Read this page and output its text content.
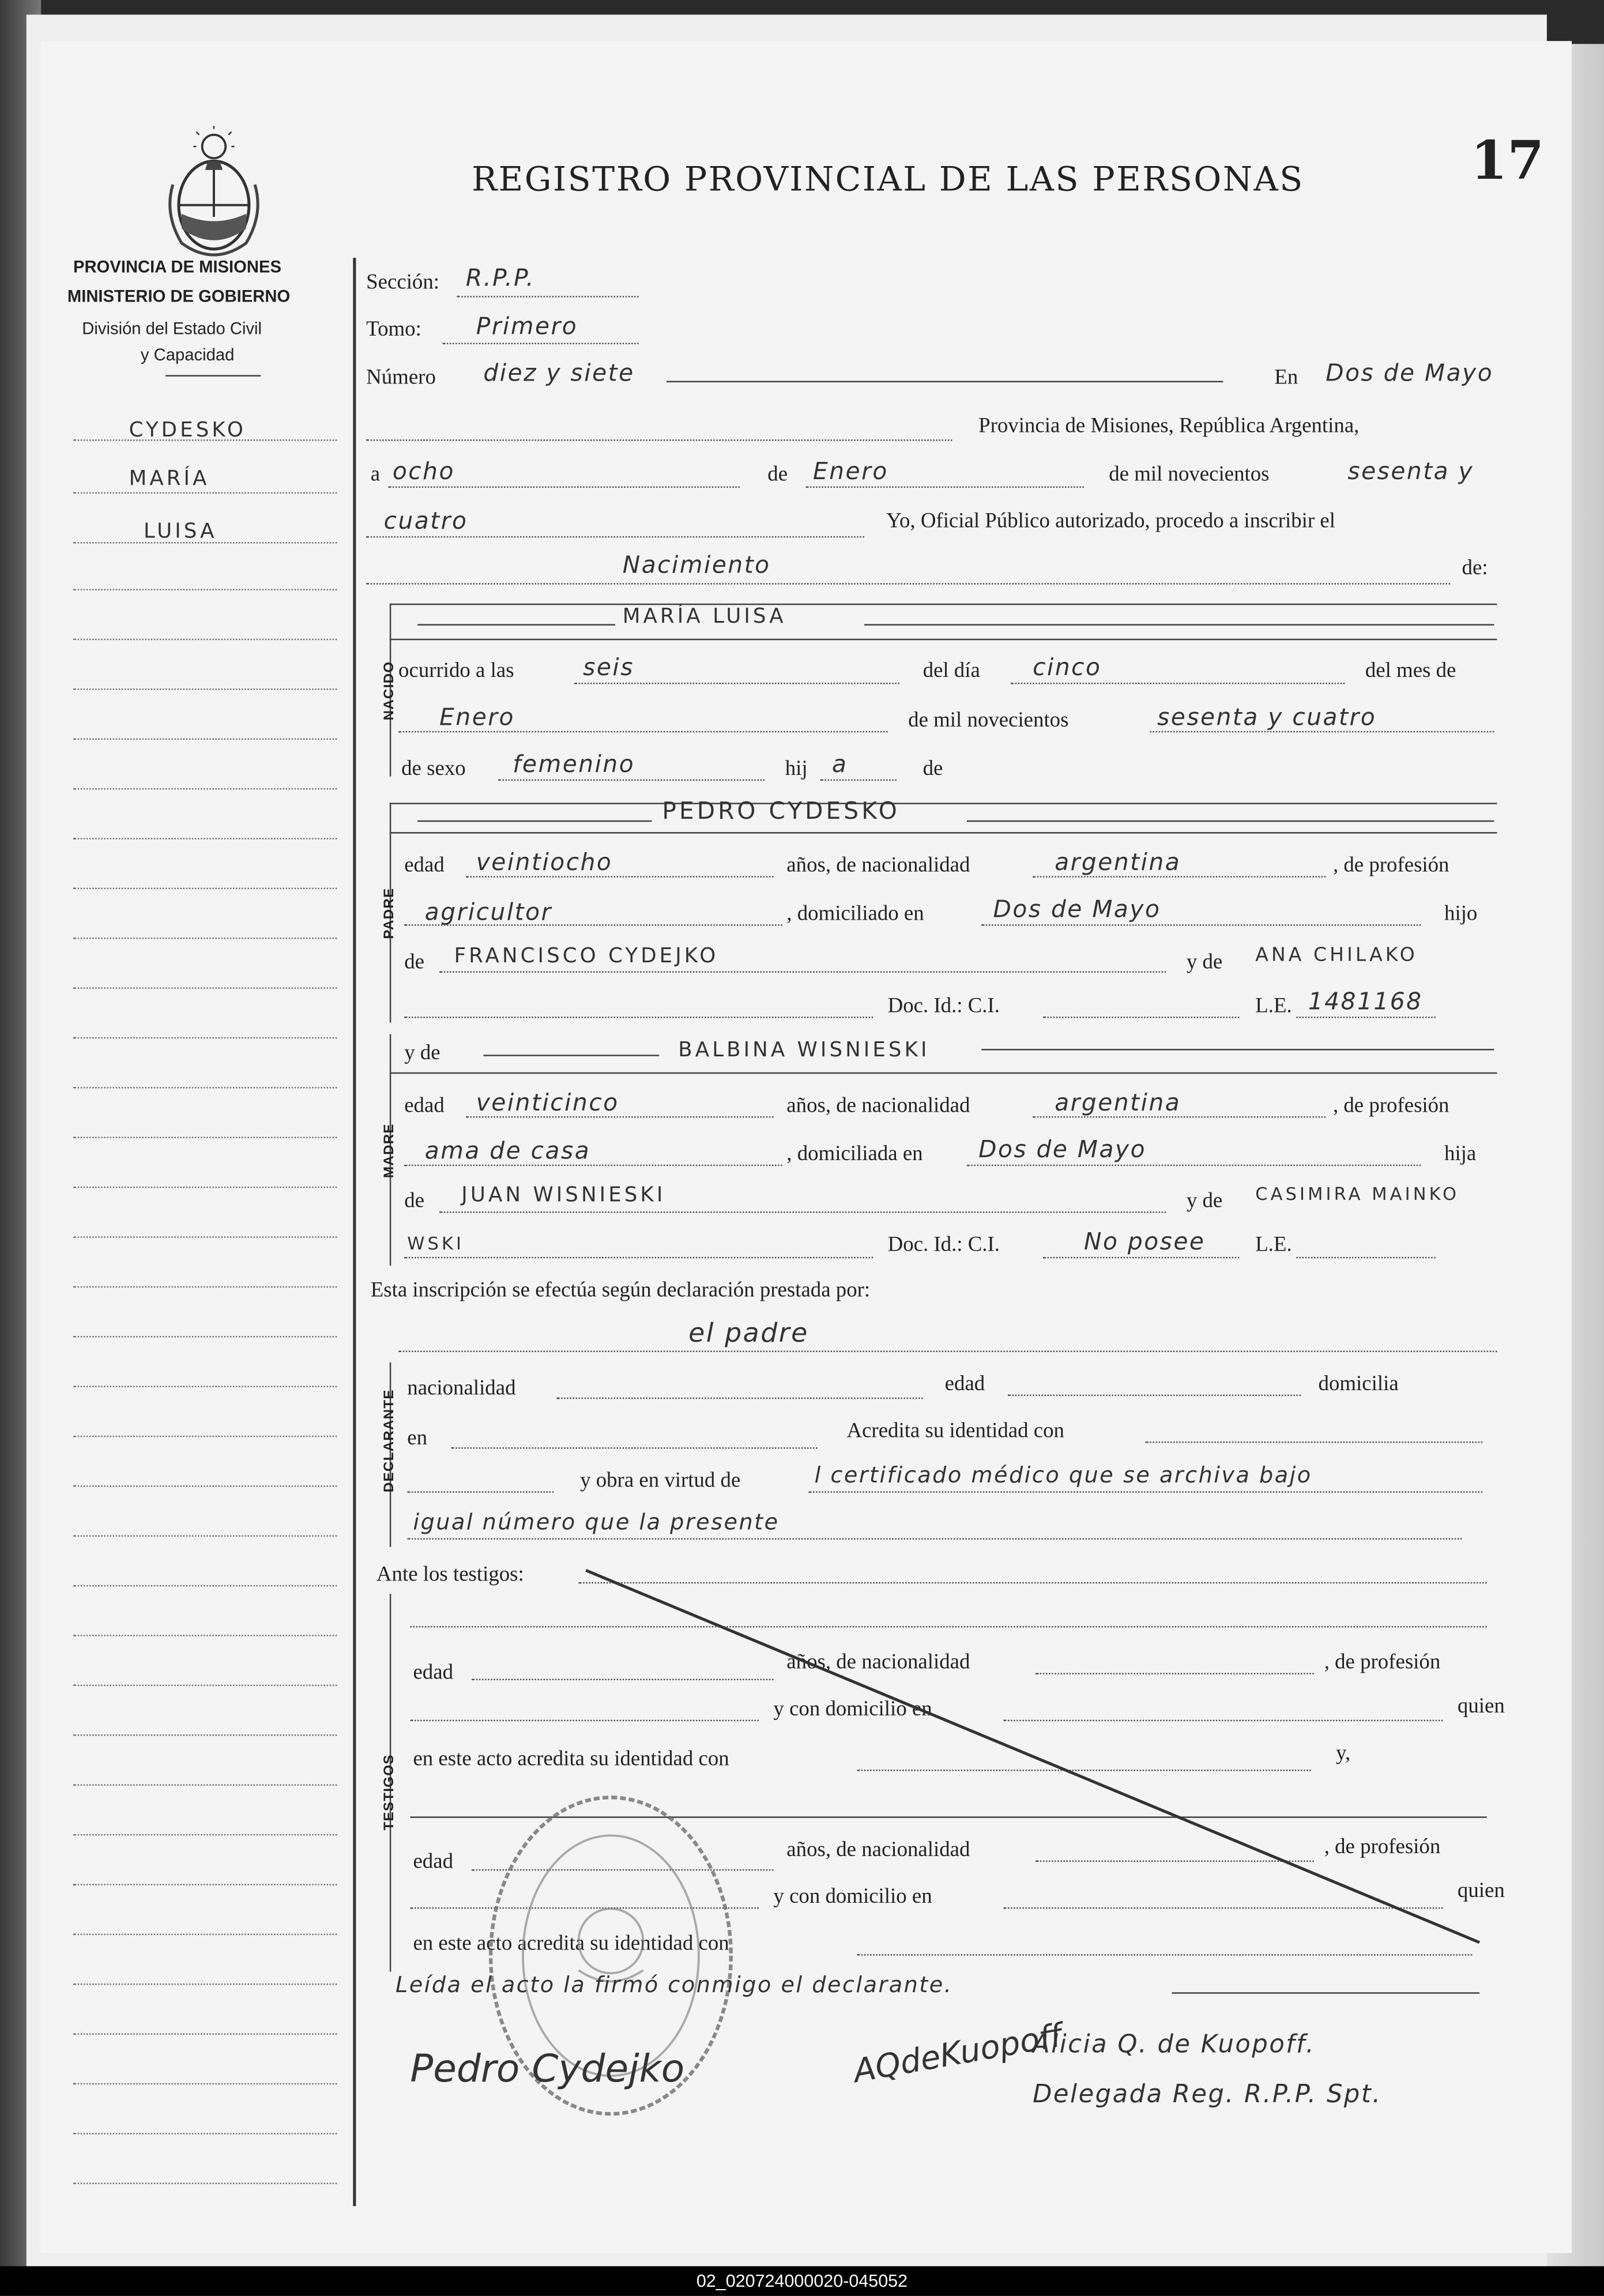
REGISTRO PROVINCIAL DE LAS PERSONAS	17
PROVINCIA DE MISIONES
MINISTERIO DE GOBIERNO
División del Estado Civil
y Capacidad
CYDESKO
MARÍA
LUISA
Sección:	R.P.P.
Tomo:	Primero
Número	diez y siete	En	Dos de Mayo
Provincia de Misiones, República Argentina,
a ocho	de	Enero	de mil novecientos	sesenta y
cuatro	Yo, Oficial Público autorizado, procedo a inscribir el
Nacimiento	de:
NACIDO
MARÍA LUISA
ocurrido a las	seis	del día	cinco	del mes de
Enero	de mil novecientos	sesenta y cuatro
de sexo	femenino	hij	a	de
PADRE
PEDRO CYDESKO
edad	veintiocho	años, de nacionalidad	argentina	, de profesión
agricultor	, domiciliado en	Dos de Mayo	hijo
de	FRANCISCO CYDEJKO	y de	ANA CHILAKO
Doc. Id.: C.I.	L.E. 1481168
MADRE
y de	BALBINA WISNIESKI
edad	veinticinco	años, de nacionalidad	argentina	, de profesión
ama de casa	, domiciliada en	Dos de Mayo	hija
de	JUAN WISNIESKI	y de	CASIMIRA MAINKO
WSKI	Doc. Id.: C.I.	No posee	L.E.
Esta inscripción se efectúa según declaración prestada por:
el padre
DECLARANTE
nacionalidad	edad	domicilia
en	Acredita su identidad con
y obra en virtud de	l certificado médico que se archiva bajo
igual número que la presente
Ante los testigos:
TESTIGOS
edad	años, de nacionalidad	, de profesión
y con domicilio en	quien
en este acto acredita su identidad con	y,
edad	años, de nacionalidad	, de profesión
y con domicilio en	quien
en este acto acredita su identidad con
Leída el acto la firmó conmigo el declarante.
Pedro Cydejko	AQdeKuopoff
Alicia Q. de Kuopoff.
Delegada Reg. R.P.P. Spt.
02_020724000020-045052
